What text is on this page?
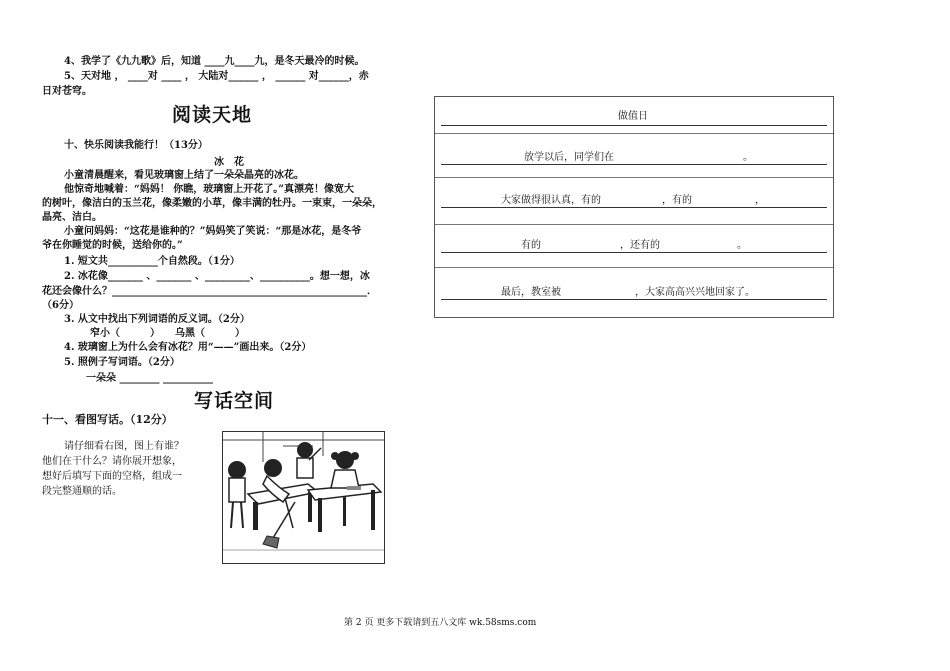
4、我学了《九九歌》后，知道 ____九____九，是冬天最冷的时候。
5、天对地 ， ____对 ____ ， 大陆对______ ， ______ 对______，赤
日对苍穹。
阅读天地
十、快乐阅读我能行！（13分）
冰　花
小童清晨醒来，看见玻璃窗上结了一朵朵晶亮的冰花。
他惊奇地喊着：“妈妈！ 你瞧，玻璃窗上开花了。”真漂亮！像宽大
的树叶，像洁白的玉兰花，像柔嫩的小草，像丰满的牡丹。一束束，一朵朵，
晶亮、洁白。
小童问妈妈：“这花是谁种的？”妈妈笑了笑说：“那是冰花，是冬爷
爷在你睡觉的时候，送给你的。”
1. 短文共__________个自然段。（1分）
2. 冰花像_______ 、_______ 、_________、__________。想一想，冰
花还会像什么？___________________________________________________．
（6分）
3. 从文中找出下列词语的反义词。（2分）
窄小（　　　）　　乌黑（　　　）
4. 玻璃窗上为什么会有冰花？用“——”画出来。（2分）
5. 照例子写词语。（2分）
一朵朵 ________ __________
写话空间
十一、看图写话。（12分）
请仔细看右图，图上有谁？
他们在干什么？请你展开想象，
想好后填写下面的空格，组成一
段完整通顺的话。
做值日
放学以后，同学们在	。
大家做得很认真，有的	，有的	，
有的	，还有的	。
最后，教室被	，大家高高兴兴地回家了。
第 2 页 更多下载请到五八文库 wk.58sms.com
